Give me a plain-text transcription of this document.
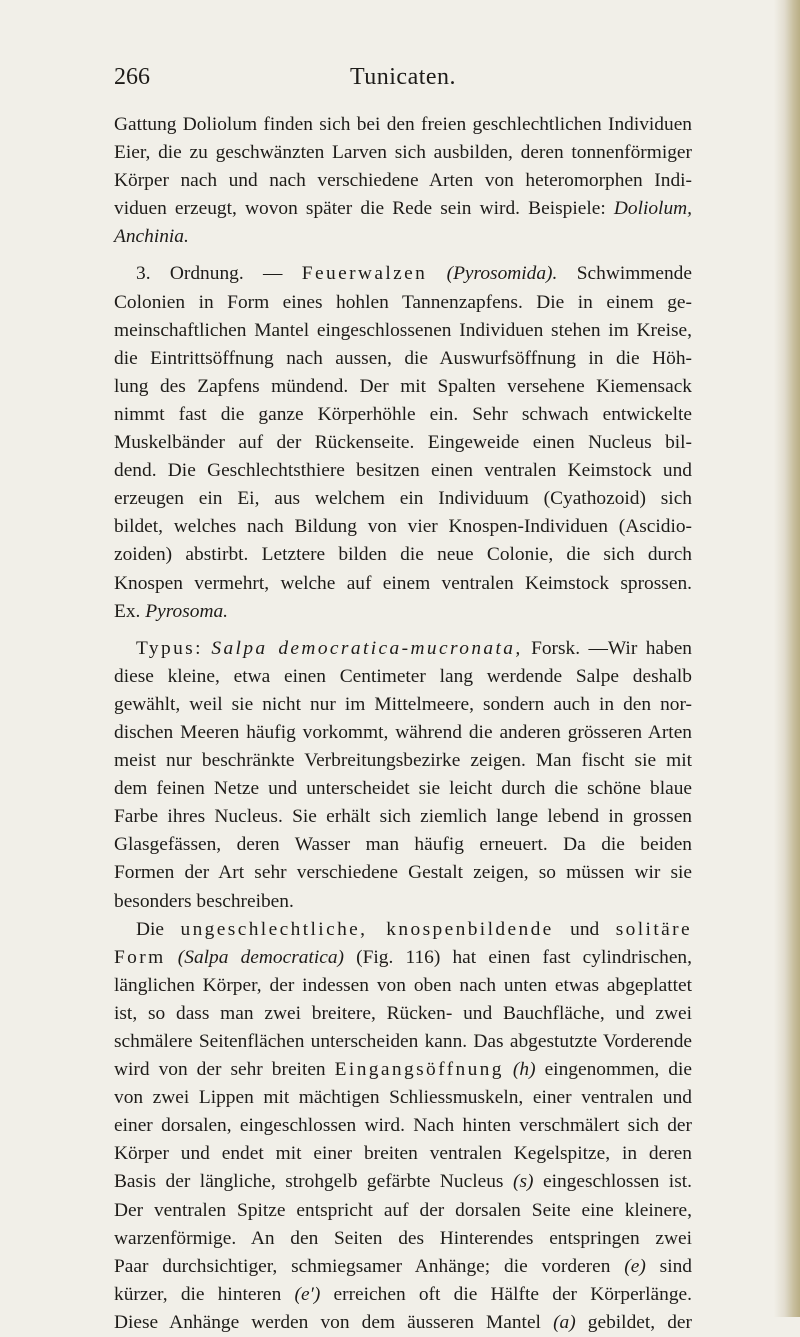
266	Tunicaten.
Gattung Doliolum finden sich bei den freien geschlechtlichen Individuen
Eier, die zu geschwänzten Larven sich ausbilden, deren tonnenförmiger
Körper nach und nach verschiedene Arten von heteromorphen Indi-
viduen erzeugt, wovon später die Rede sein wird. Beispiele: Doliolum,
Anchinia.
3. Ordnung. — Feuerwalzen (Pyrosomida). Schwimmende
Colonien in Form eines hohlen Tannenzapfens. Die in einem ge-
meinschaftlichen Mantel eingeschlossenen Individuen stehen im Kreise,
die Eintrittsöffnung nach aussen, die Auswurfsöffnung in die Höh-
lung des Zapfens mündend. Der mit Spalten versehene Kiemensack
nimmt fast die ganze Körperhöhle ein. Sehr schwach entwickelte
Muskelbänder auf der Rückenseite. Eingeweide einen Nucleus bil-
dend. Die Geschlechtsthiere besitzen einen ventralen Keimstock und
erzeugen ein Ei, aus welchem ein Individuum (Cyathozoid) sich
bildet, welches nach Bildung von vier Knospen-Individuen (Ascidio-
zoiden) abstirbt. Letztere bilden die neue Colonie, die sich durch
Knospen vermehrt, welche auf einem ventralen Keimstock sprossen.
Ex. Pyrosoma.
Typus: Salpa democratica-mucronata, Forsk. —Wir haben
diese kleine, etwa einen Centimeter lang werdende Salpe deshalb
gewählt, weil sie nicht nur im Mittelmeere, sondern auch in den nor-
dischen Meeren häufig vorkommt, während die anderen grösseren Arten
meist nur beschränkte Verbreitungsbezirke zeigen. Man fischt sie mit
dem feinen Netze und unterscheidet sie leicht durch die schöne blaue
Farbe ihres Nucleus. Sie erhält sich ziemlich lange lebend in grossen
Glasgefässen, deren Wasser man häufig erneuert. Da die beiden
Formen der Art sehr verschiedene Gestalt zeigen, so müssen wir sie
besonders beschreiben.
Die ungeschlechtliche, knospenbildende und solitäre
Form (Salpa democratica) (Fig. 116) hat einen fast cylindrischen,
länglichen Körper, der indessen von oben nach unten etwas abgeplattet
ist, so dass man zwei breitere, Rücken- und Bauchfläche, und zwei
schmälere Seitenflächen unterscheiden kann. Das abgestutzte Vorderende
wird von der sehr breiten Eingangsöffnung (h) eingenommen, die
von zwei Lippen mit mächtigen Schliessmuskeln, einer ventralen und
einer dorsalen, eingeschlossen wird. Nach hinten verschmälert sich der
Körper und endet mit einer breiten ventralen Kegelspitze, in deren
Basis der längliche, strohgelb gefärbte Nucleus (s) eingeschlossen ist.
Der ventralen Spitze entspricht auf der dorsalen Seite eine kleinere,
warzenförmige. An den Seiten des Hinterendes entspringen zwei
Paar durchsichtiger, schmiegsamer Anhänge; die vorderen (e) sind
kürzer, die hinteren (e′) erreichen oft die Hälfte der Körperlänge.
Diese Anhänge werden von dem äusseren Mantel (a) gebildet, der
